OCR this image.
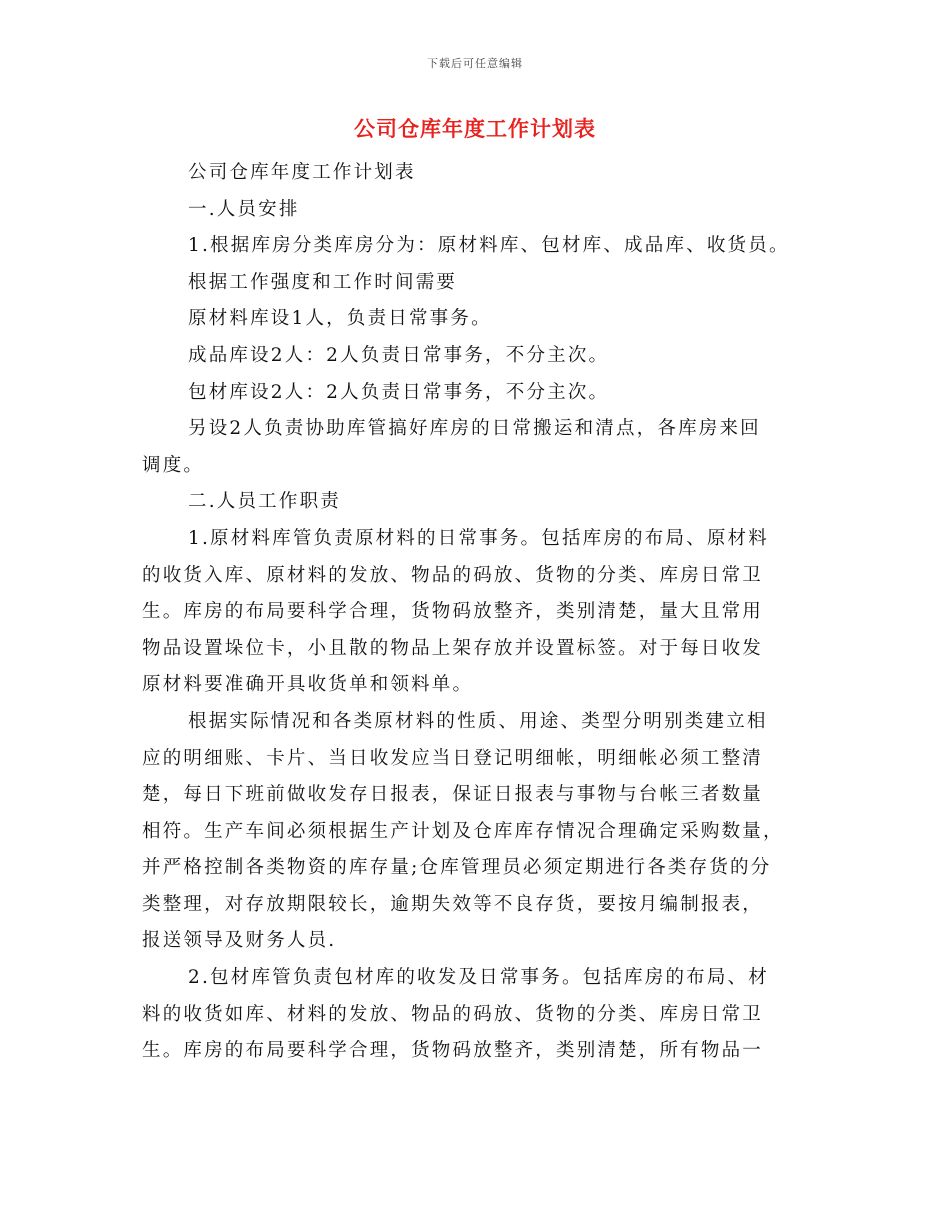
下载后可任意编辑
公司仓库年度工作计划表
公司仓库年度工作计划表
一.人员安排
1.根据库房分类库房分为：原材料库、包材库、成品库、收货员。
根据工作强度和工作时间需要
原材料库设1人，负责日常事务。
成品库设2人：2人负责日常事务，不分主次。
包材库设2人：2人负责日常事务，不分主次。
另设2人负责协助库管搞好库房的日常搬运和清点，各库房来回
调度。
二.人员工作职责
1.原材料库管负责原材料的日常事务。包括库房的布局、原材料
的收货入库、原材料的发放、物品的码放、货物的分类、库房日常卫
生。库房的布局要科学合理，货物码放整齐，类别清楚，量大且常用
物品设置垛位卡，小且散的物品上架存放并设置标签。对于每日收发
原材料要准确开具收货单和领料单。
根据实际情况和各类原材料的性质、用途、类型分明别类建立相
应的明细账、卡片、当日收发应当日登记明细帐，明细帐必须工整清
楚，每日下班前做收发存日报表，保证日报表与事物与台帐三者数量
相符。生产车间必须根据生产计划及仓库库存情况合理确定采购数量，
并严格控制各类物资的库存量;仓库管理员必须定期进行各类存货的分
类整理，对存放期限较长，逾期失效等不良存货，要按月编制报表，
报送领导及财务人员.
2.包材库管负责包材库的收发及日常事务。包括库房的布局、材
料的收货如库、材料的发放、物品的码放、货物的分类、库房日常卫
生。库房的布局要科学合理，货物码放整齐，类别清楚，所有物品一
